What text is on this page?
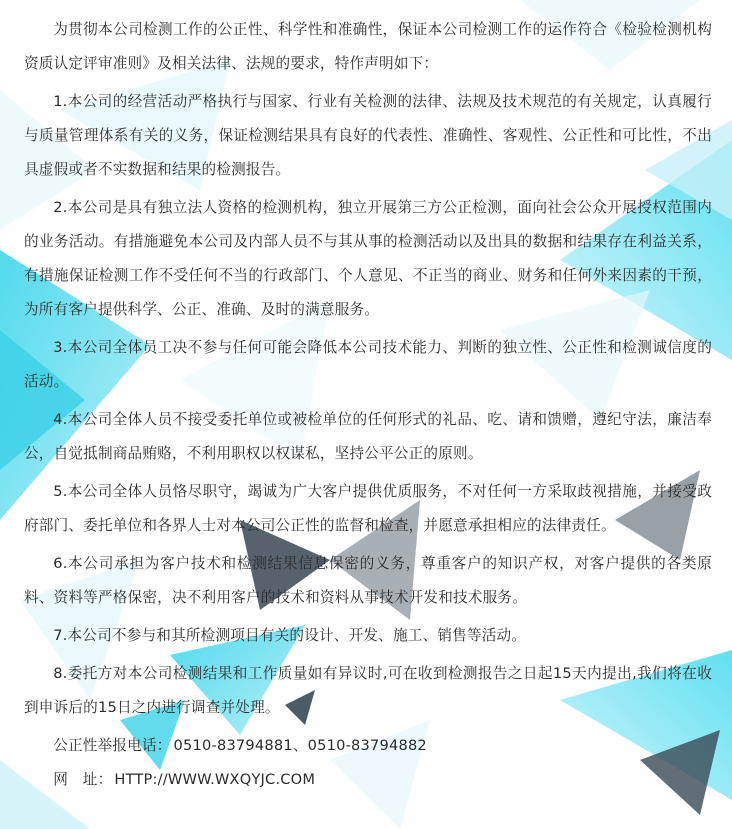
为贯彻本公司检测工作的公正性、科学性和准确性，保证本公司检测工作的运作符合《检验检测机构资质认定评审准则》及相关法律、法规的要求，特作声明如下：

1.本公司的经营活动严格执行与国家、行业有关检测的法律、法规及技术规范的有关规定，认真履行与质量管理体系有关的义务，保证检测结果具有良好的代表性、准确性、客观性、公正性和可比性，不出具虚假或者不实数据和结果的检测报告。

2.本公司是具有独立法人资格的检测机构，独立开展第三方公正检测，面向社会公众开展授权范围内的业务活动。有措施避免本公司及内部人员不与其从事的检测活动以及出具的数据和结果存在利益关系，有措施保证检测工作不受任何不当的行政部门、个人意见、不正当的商业、财务和任何外来因素的干预，为所有客户提供科学、公正、准确、及时的满意服务。

3.本公司全体员工决不参与任何可能会降低本公司技术能力、判断的独立性、公正性和检测诚信度的活动。

4.本公司全体人员不接受委托单位或被检单位的任何形式的礼品、吃、请和馈赠，遵纪守法，廉洁奉公，自觉抵制商品贿赂，不利用职权以权谋私，坚持公平公正的原则。

5.本公司全体人员恪尽职守，竭诚为广大客户提供优质服务，不对任何一方采取歧视措施，并接受政府部门、委托单位和各界人士对本公司公正性的监督和检查，并愿意承担相应的法律责任。

6.本公司承担为客户技术和检测结果信息保密的义务，尊重客户的知识产权，对客户提供的各类原料、资料等严格保密，决不利用客户的技术和资料从事技术开发和技术服务。

7.本公司不参与和其所检测项目有关的设计、开发、施工、销售等活动。

8.委托方对本公司检测结果和工作质量如有异议时,可在收到检测报告之日起15天内提出,我们将在收到申诉后的15日之内进行调查并处理。

公正性举报电话： 0510-83794881、0510-83794882

网　址： HTTP://WWW.WXQYJC.COM
